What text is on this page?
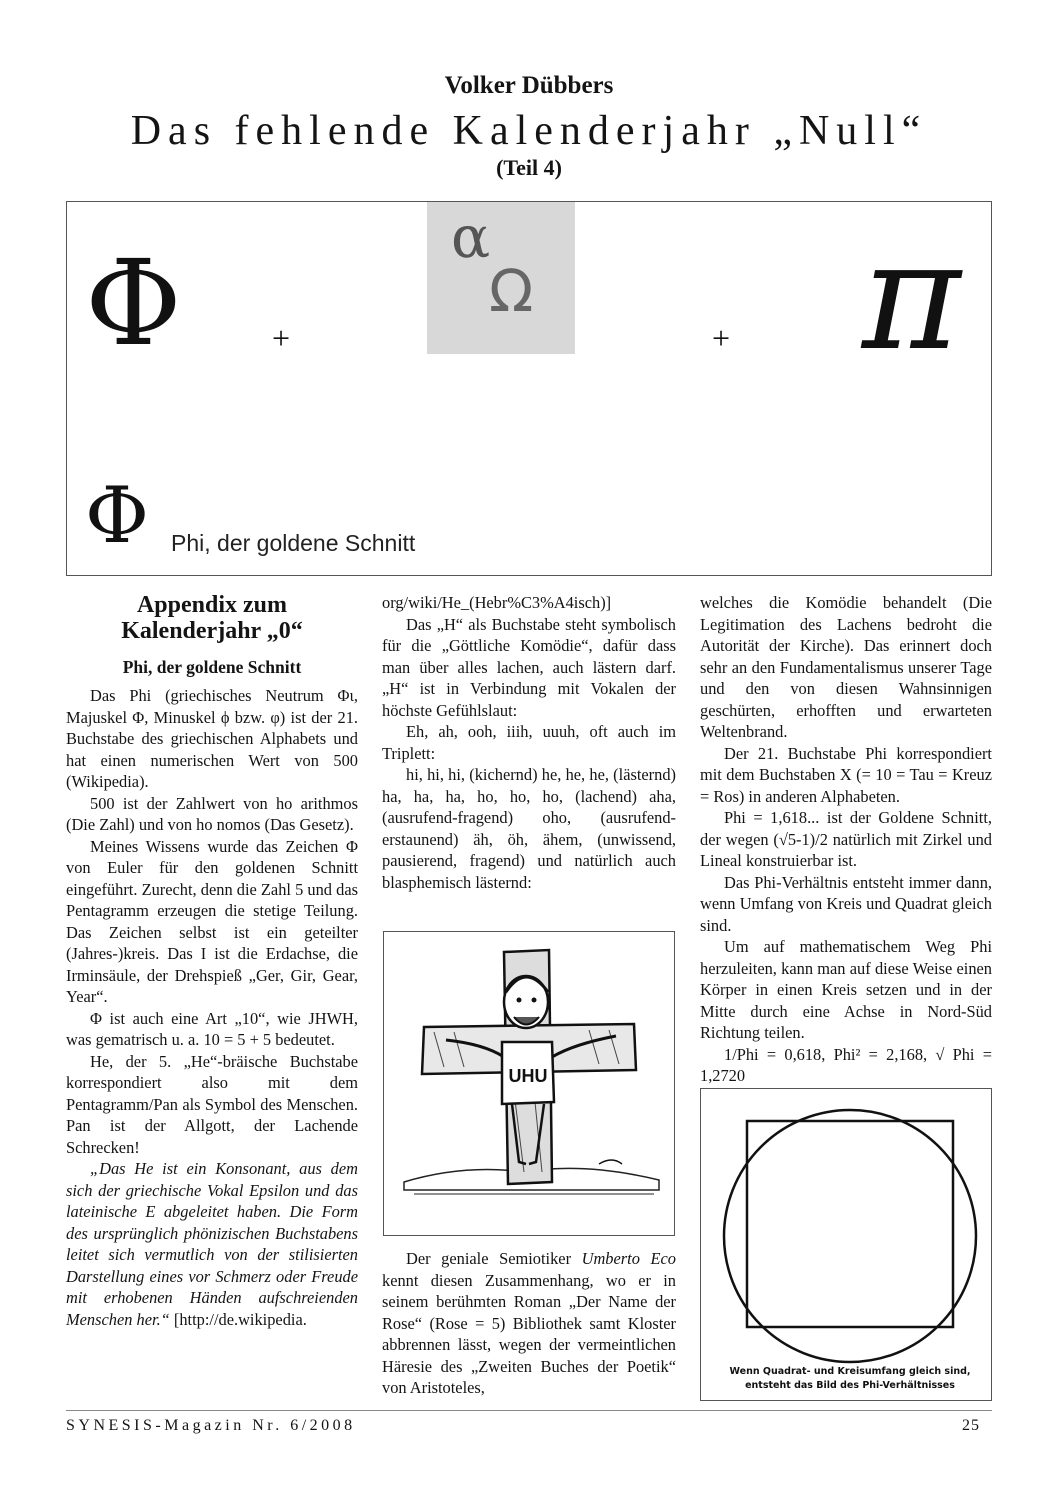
Volker Dübbers
Das fehlende Kalenderjahr „Null“
(Teil 4)
Φ	+
α
Ω
+ π
Φ Phi, der goldene Schnitt
Appendix zum
Kalenderjahr „0“
Phi, der goldene Schnitt

Das Phi (griechisches Neutrum Φι, Majuskel Φ, Minuskel ϕ bzw. φ) ist der 21. Buchstabe des griechischen Alphabets und hat einen numerischen Wert von 500 (Wikipedia).

500 ist der Zahlwert von ho arithmos (Die Zahl) und von ho nomos (Das Gesetz).

Meines Wissens wurde das Zeichen Φ von Euler für den goldenen Schnitt eingeführt. Zurecht, denn die Zahl 5 und das Pentagramm erzeugen die stetige Teilung. Das Zeichen selbst ist ein geteilter (Jahres-)kreis. Das I ist die Erdachse, die Irminsäule, der Drehspieß „Ger, Gir, Gear, Year“.

Φ ist auch eine Art „10“, wie JHWH, was gematrisch u. a. 10 = 5 + 5 bedeutet.

He, der 5. „He“-bräische Buchstabe korrespondiert also mit dem Pentagramm/Pan als Symbol des Menschen. Pan ist der Allgott, der Lachende Schrecken!

„Das He ist ein Konsonant, aus dem sich der griechische Vokal Epsilon und das lateinische E abgeleitet haben. Die Form des ursprünglich phönizischen Buchstabens leitet sich vermutlich von der stilisierten Darstellung eines vor Schmerz oder Freude mit erhobenen Händen aufschreienden Menschen her.“ [http://de.wikipedia.

org/wiki/He_(Hebr%C3%A4isch)]

Das „H“ als Buchstabe steht symbolisch für die „Göttliche Komödie“, dafür dass man über alles lachen, auch lästern darf. „H“ ist in Verbindung mit Vokalen der höchste Gefühlslaut:

Eh, ah, ooh, iiih, uuuh, oft auch im Triplett:

hi, hi, hi, (kichernd) he, he, he, (lästernd) ha, ha, ha, ho, ho, ho, (lachend) aha, (ausrufend-fragend) oho, (ausrufend-erstaunend) äh, öh, ähem, (unwissend, pausierend, fragend) und natürlich auch blasphemisch lästernd:

UHU

Der geniale Semiotiker Umberto Eco kennt diesen Zusammenhang, wo er in seinem berühmten Roman „Der Name der Rose“ (Rose = 5) Bibliothek samt Kloster abbrennen lässt, wegen der vermeintlichen Häresie des „Zweiten Buches der Poetik“ von Aristoteles,

welches die Komödie behandelt (Die Legitimation des Lachens bedroht die Autorität der Kirche). Das erinnert doch sehr an den Fundamentalismus unserer Tage und den von diesen Wahnsinnigen geschürten, erhofften und erwarteten Weltenbrand.

Der 21. Buchstabe Phi korrespondiert mit dem Buchstaben X (= 10 = Tau = Kreuz = Ros) in anderen Alphabeten.

Phi = 1,618... ist der Goldene Schnitt, der wegen (√5-1)/2 natürlich mit Zirkel und Lineal konstruierbar ist.

Das Phi-Verhältnis entsteht immer dann, wenn Umfang von Kreis und Quadrat gleich sind.

Um auf mathematischem Weg Phi herzuleiten, kann man auf diese Weise einen Körper in einen Kreis setzen und in der Mitte durch eine Achse in Nord-Süd Richtung teilen.

1/Phi = 0,618, Phi² = 2,168, √ Phi = 1,2720

Wenn Quadrat- und Kreisumfang gleich sind,
entsteht das Bild des Phi-Verhältnisses
SYNESIS-Magazin Nr. 6/2008	25
